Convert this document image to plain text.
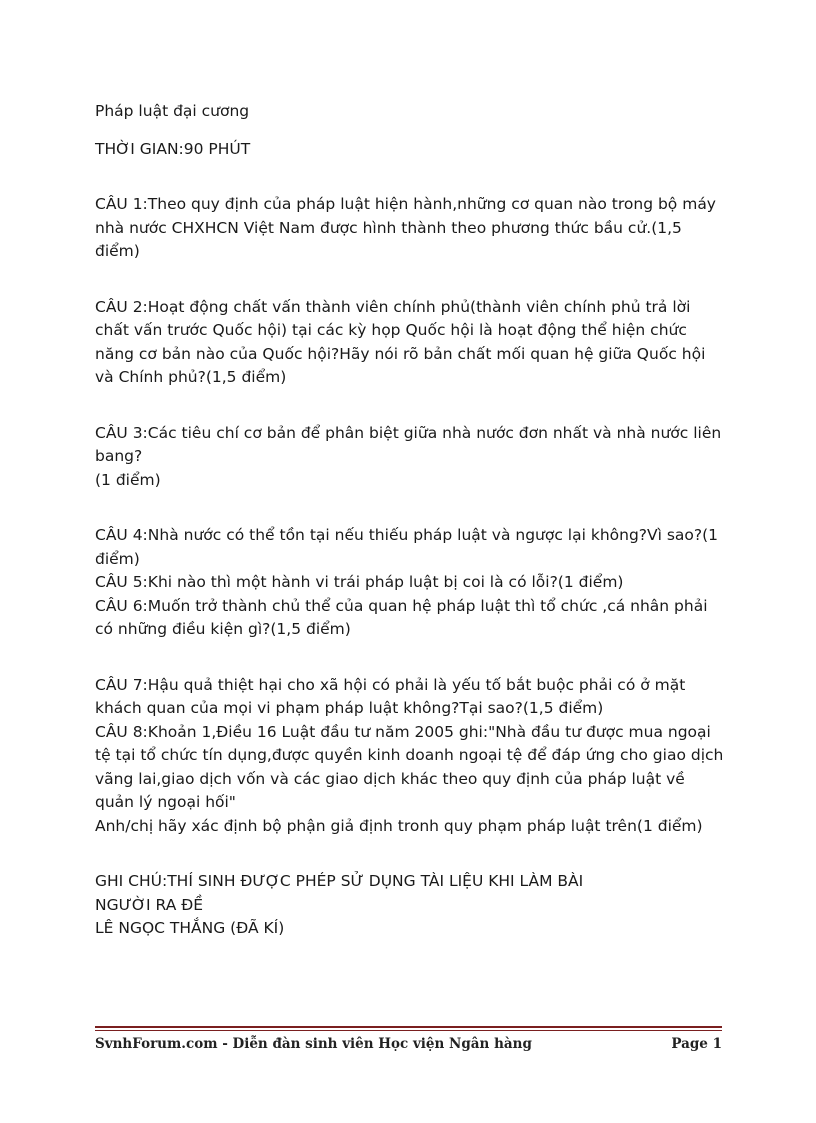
Pháp luật đại cương

THỜI GIAN:90 PHÚT

CÂU 1:Theo quy định của pháp luật hiện hành,những cơ quan nào trong bộ máy nhà nước CHXHCN Việt Nam được hình thành theo phương thức bầu cử.(1,5 điểm)

CÂU 2:Hoạt động chất vấn thành viên chính phủ(thành viên chính phủ trả lời chất vấn trước Quốc hội) tại các kỳ họp Quốc hội là hoạt động thể hiện chức năng cơ bản nào của Quốc hội?Hãy nói rõ bản chất mối quan hệ giữa Quốc hội và Chính phủ?(1,5 điểm)

CÂU 3:Các tiêu chí cơ bản để phân biệt giữa nhà nước đơn nhất và nhà nước liên bang?

(1 điểm)

CÂU 4:Nhà nước có thể tồn tại nếu thiếu pháp luật và ngược lại không?Vì sao?(1 điểm)

CÂU 5:Khi nào thì một hành vi trái pháp luật bị coi là có lỗi?(1 điểm)

CÂU 6:Muốn trở thành chủ thể của quan hệ pháp luật thì tổ chức ,cá nhân phải có những điều kiện gì?(1,5 điểm)

CÂU 7:Hậu quả thiệt hại cho xã hội có phải là yếu tố bắt buộc phải có ở mặt khách quan của mọi vi phạm pháp luật không?Tại sao?(1,5 điểm)

CÂU 8:Khoản 1,Điều 16 Luật đầu tư năm 2005 ghi:"Nhà đầu tư được mua ngoại tệ tại tổ chức tín dụng,được quyền kinh doanh ngoại tệ để đáp ứng cho giao dịch vãng lai,giao dịch vốn và các giao dịch khác theo quy định của pháp luật về quản lý ngoại hối"

Anh/chị hãy xác định bộ phận giả định tronh quy phạm pháp luật trên(1 điểm)

GHI CHÚ:THÍ SINH ĐƯỢC PHÉP SỬ DỤNG TÀI LIỆU KHI LÀM BÀI

NGƯỜI RA ĐỀ

LÊ NGỌC THẮNG (ĐÃ KÍ)

SvnhForum.com - Diễn đàn sinh viên Học viện Ngân hàng	Page 1
